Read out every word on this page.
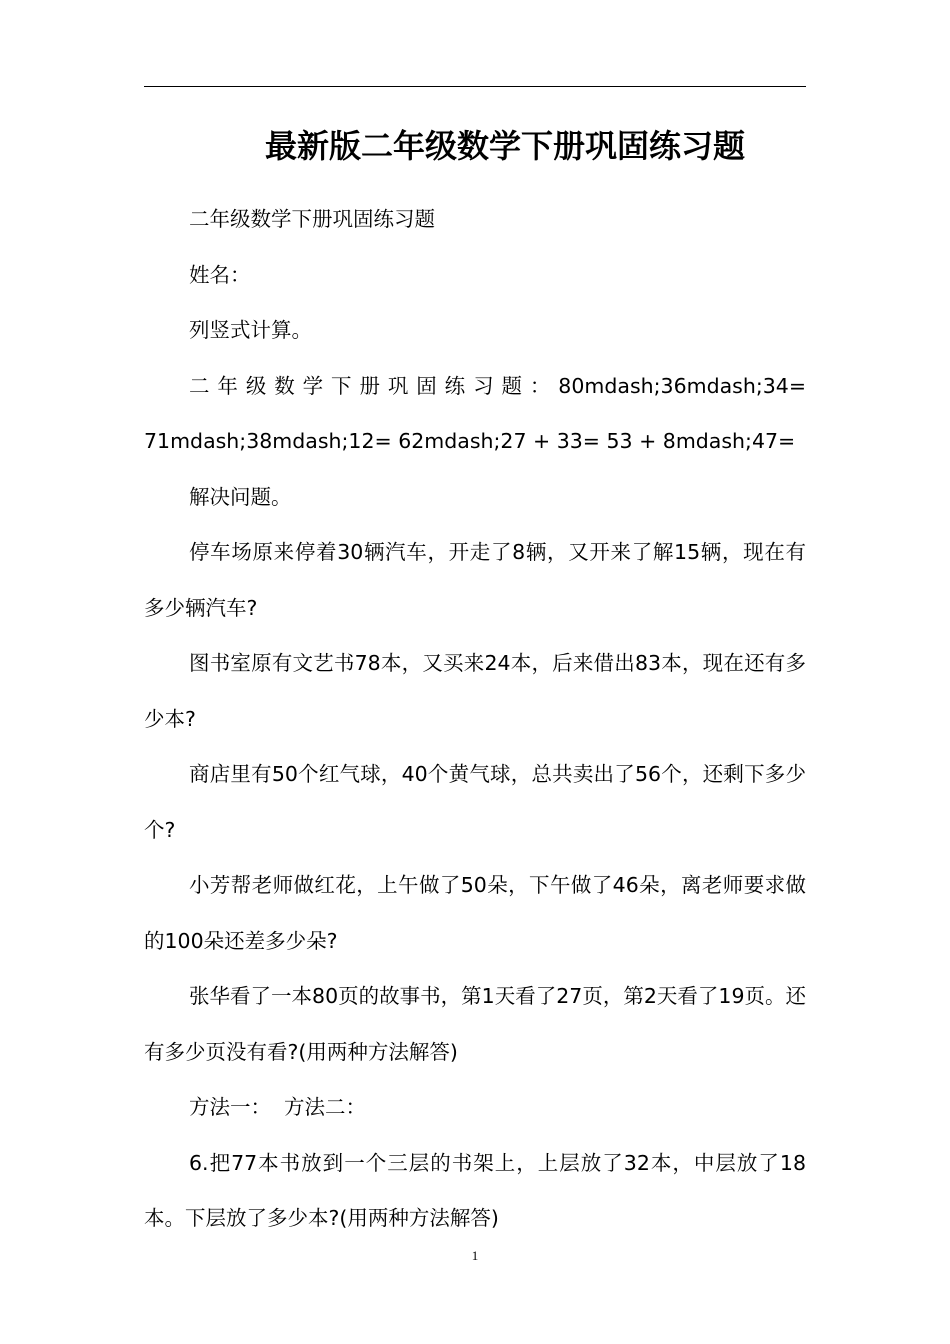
最新版二年级数学下册巩固练习题

二年级数学下册巩固练习题

姓名：

列竖式计算。

二年级数学下册巩固练习题：80mdash;36mdash;34= 71mdash;38mdash;12= 62mdash;27 + 33= 53 + 8mdash;47=

解决问题。

停车场原来停着30辆汽车，开走了8辆，又开来了解15辆，现在有多少辆汽车?

图书室原有文艺书78本，又买来24本，后来借出83本，现在还有多少本?

商店里有50个红气球，40个黄气球，总共卖出了56个，还剩下多少个?

小芳帮老师做红花，上午做了50朵，下午做了46朵，离老师要求做的100朵还差多少朵?

张华看了一本80页的故事书，第1天看了27页，第2天看了19页。还有多少页没有看?(用两种方法解答)

方法一：  方法二：

6.把77本书放到一个三层的书架上，上层放了32本，中层放了18本。下层放了多少本?(用两种方法解答)

1
